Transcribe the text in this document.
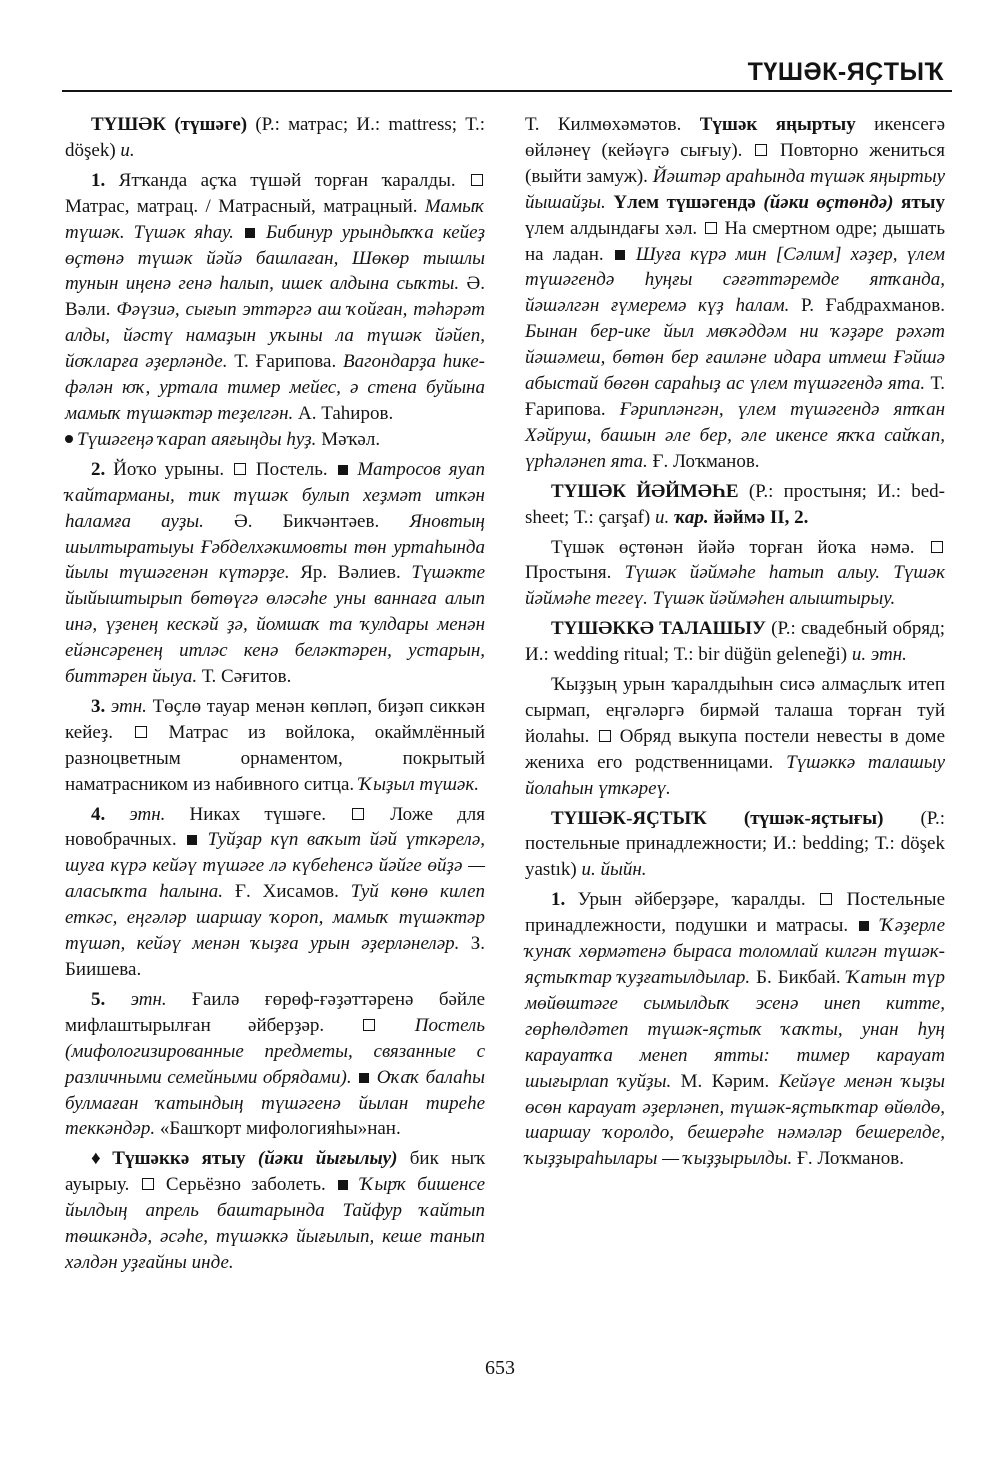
ТҮШӘК-ЯҪТЫҠ

ТҮШӘК (түшәге) (Р.: матрас; И.: mattress; Т.: döşek) и.

1. Ятҡанда аҫҡа түшәй торған ҡаралды.  Матрас, матрац. / Матрасный, матрацный. Мамыҡ түшәк. Түшәк яһау. Бибинур урындыҡҡа кейеҙ өҫтөнә түшәк йәйә башлаған, Шөкөр тышлы тунын иңенә генә һалып, ишек алдына сыҡты. Ә. Вәли. Фәүзиә, сығып эттәргә аш ҡойған, тәһәрәт алды, йәстү намаҙын уҡыны ла түшәк йәйеп, йоҡларға әҙерләнде. Т. Ғарипова. Вагондарҙа һике-фәлән юҡ, уртала тимер мейес, ә стена буйына мамыҡ түшәктәр теҙелгән. А. Таһиров.
Түшәгеңә ҡарап аяғыңды һуҙ. Мәҡәл.

2. Йоҡо урыны. Постель. Матросов яуап ҡайтарманы, тик түшәк булып хеҙмәт иткән һаламға ауҙы. Ә. Бикчәнтәев. Яновтың шылтыратыуы Ғәбделхәкимовты төн уртаһында йылы түшәгенән күтәрҙе. Яр. Вәлиев. Түшәкте йыйыштырып бөтөүгә өләсәһе уны ваннаға алып инә, үҙенең кескәй ҙә, йомшаҡ та ҡулдары менән ейәнсәренең итләс кенә беләктәрен, устарын, биттәрен йыуа. Т. Сәғитов.

3. этн. Төҫлө тауар менән көпләп, биҙәп сиккән кейеҙ.	Матрас из войлока, окаймлённый разноцветным орнаментом, покрытый наматрасником из набивного ситца. Ҡыҙыл түшәк.

4. этн. Никах түшәге.	Ложе для новобрачных. Туйҙар күп ваҡыт йәй үткәрелә, шуға күрә кейәү түшәге лә күбеһенсә йәйге өйҙә — аласыҡта һалына. Ғ. Хисамов. Туй көнө килеп еткәс, еңгәләр шаршау ҡороп, мамыҡ түшәктәр түшәп, кейәү менән ҡыҙға урын әҙерләнеләр. З. Биишева.

5. этн. Ғаилә ғөрөф-ғәҙәттәренә бәйле мифлаштырылған әйберҙәр.	Постель (мифологизированные предметы, связанные с различными семейными обрядами). Оҡаҡ балаһы булмаған ҡатындың түшәгенә йылан тиреһе теккәндәр. «Башҡорт мифологияһы»нан.

♦ Түшәккә ятыу (йәки йығылыу) бик ныҡ ауырыу. Серьёзно заболеть. Ҡырҡ бишенсе йылдың апрель баштарында Тайфур ҡайтып төшкәндә, әсәһе, түшәккә йығылып, кеше танып хәлдән уҙғайны инде.

Т. Килмөхәмәтов. Түшәк яңыртыу икенсегә өйләнеү (кейәүгә сығыу). Повторно жениться (выйти замуж). Йәштәр араһында түшәк яңыртыу йышайҙы. Үлем түшәгендә (йәки өҫтөндә) ятыу үлем алдындағы хәл. На смертном одре; дышать на ладан. Шуға күрә мин [Сәлим] хәҙер, үлем түшәгендә һуңғы сәғәттәремде ятҡанда, йәшәлгән ғүмеремә күҙ һалам. Р. Ғабдрахманов. Бынан бер-ике йыл мөҡәддәм ни ҡәҙәре рәхәт йәшәмеш, бөтөн бер ғаиләне идара итмеш Ғәйшә абыстай бөгөн сараһыҙ ас үлем түшәгендә ята. Т. Ғарипова. Ғәрипләнгән, үлем түшәгендә ятҡан Хәйруш, башын әле бер, әле икенсе яҡҡа сайҡап, үрһәләнеп ята. Ғ. Лоҡманов.

ТҮШӘК ЙӘЙМӘҺЕ (Р.: простыня; И.: bed-sheet; Т.: çarşaf) и. ҡар. йәймә II, 2.

Түшәк өҫтөнән йәйә торған йоҡа нәмә.  Простыня. Түшәк йәймәһе һатып алыу. Түшәк йәймәһе тегеү. Түшәк йәймәһен алыштырыу.

ТҮШӘККӘ ТАЛАШЫУ (Р.: свадебный обряд; И.: wedding ritual; Т.: bir düğün geleneği) и. этн.

Ҡыҙҙың урын ҡаралдыһын сисә алмаҫлыҡ итеп сырмап, еңгәләргә бирмәй талаша торған туй йолаһы. Обряд выкупа постели невесты в доме жениха его родственницами. Түшәккә талашыу йолаһын үткәреү.

ТҮШӘК-ЯҪТЫҠ (түшәк-яҫтығы) (Р.: постельные принадлежности; И.: bedding; Т.: döşek yastık) и. йыйн.

1. Урын әйберҙәре, ҡаралды. Постельные принадлежности, подушки и матрасы. Ҡәҙерле ҡунаҡ хөрмәтенә быраса толомлай килгән түшәк-яҫтыҡтар ҡуҙғатылдылар. Б. Бикбай. Ҡатын түр мөйөштәге сымылдыҡ эсенә инеп китте, гөрһөлдәтеп түшәк-яҫтыҡ ҡаҡты, унан һуң карауатҡа менеп ятты: тимер карауат шығырлап ҡуйҙы. М. Кәрим. Кейәүе менән ҡыҙы өсөн карауат әҙерләнеп, түшәк-яҫтыҡтар өйөлдө, шаршау ҡоролдо, бешерәһе нәмәләр бешерелде, ҡыҙҙыраһылары — ҡыҙҙырылды. Ғ. Лоҡманов.

653
